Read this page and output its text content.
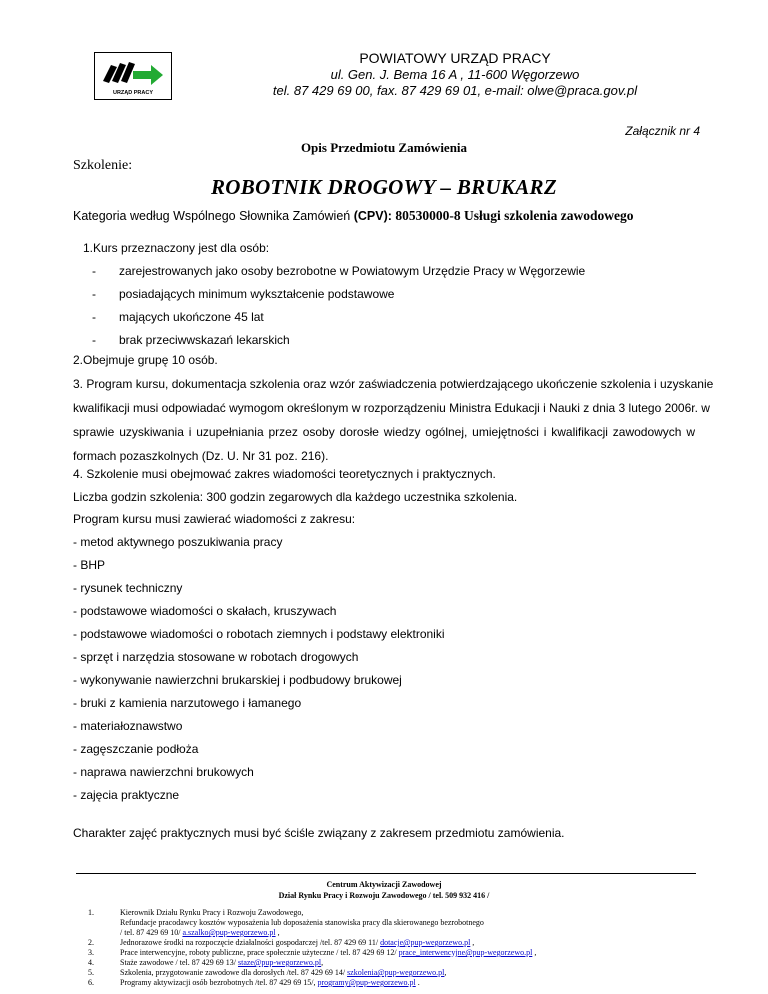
URZĄD PRACY
POWIATOWY URZĄD PRACY
ul. Gen. J. Bema 16 A , 11-600 Węgorzewo
tel. 87 429 69 00, fax. 87 429 69 01, e-mail: olwe@praca.gov.pl
Załącznik nr 4
Opis Przedmiotu Zamówienia
Szkolenie:
ROBOTNIK DROGOWY – BRUKARZ
Kategoria według Wspólnego Słownika Zamówień (CPV): 80530000-8 Usługi szkolenia zawodowego
1.Kurs przeznaczony jest dla osób:
- zarejestrowanych jako osoby bezrobotne w Powiatowym Urzędzie Pracy w Węgorzewie
- posiadających minimum wykształcenie podstawowe
- mających ukończone 45 lat
- brak przeciwwskazań lekarskich
2.Obejmuje grupę 10 osób.
3. Program kursu, dokumentacja szkolenia oraz wzór zaświadczenia potwierdzającego ukończenie szkolenia i uzyskanie
kwalifikacji musi odpowiadać wymogom określonym w rozporządzeniu Ministra Edukacji i Nauki z dnia 3 lutego 2006r. w
sprawie uzyskiwania i uzupełniania przez osoby dorosłe wiedzy ogólnej, umiejętności i kwalifikacji zawodowych w
formach pozaszkolnych (Dz. U. Nr 31 poz. 216).
4. Szkolenie musi obejmować zakres wiadomości teoretycznych i praktycznych.
Liczba godzin szkolenia: 300 godzin zegarowych dla każdego uczestnika szkolenia.
Program kursu musi zawierać wiadomości z zakresu:
- metod aktywnego poszukiwania pracy
- BHP
- rysunek techniczny
- podstawowe wiadomości o skałach, kruszywach
- podstawowe wiadomości o robotach ziemnych i podstawy elektroniki
- sprzęt i narzędzia stosowane w robotach drogowych
- wykonywanie nawierzchni brukarskiej i podbudowy brukowej
- bruki z kamienia narzutowego i łamanego
- materiałoznawstwo
- zagęszczanie podłoża
- naprawa nawierzchni brukowych
- zajęcia praktyczne
Charakter zajęć praktycznych musi być ściśle związany z zakresem przedmiotu zamówienia.
Centrum Aktywizacji Zawodowej
Dział Rynku Pracy i Rozwoju Zawodowego / tel. 509 932 416 /
1.	Kierownik Działu Rynku Pracy i Rozwoju Zawodowego,
Refundacje pracodawcy kosztów wyposażenia lub doposażenia stanowiska pracy dla skierowanego bezrobotnego
/ tel. 87 429 69 10/ a.szalko@pup-wegorzewo.pl ,
2.	Jednorazowe środki na rozpoczęcie działalności gospodarczej /tel. 87 429 69 11/ dotacje@pup-wegorzewo.pl ,
3.	Prace interwencyjne, roboty publiczne, prace społecznie użyteczne / tel. 87 429 69 12/ prace_interwencyjne@pup-wegorzewo.pl ,
4.	Staże zawodowe / tel. 87 429 69 13/ staze@pup-wegorzewo.pl,
5.	Szkolenia, przygotowanie zawodowe dla dorosłych /tel. 87 429 69 14/ szkolenia@pup-wegorzewo.pl,
6.	Programy aktywizacji osób bezrobotnych /tel. 87 429 69 15/, programy@pup-wegorzewo.pl .
